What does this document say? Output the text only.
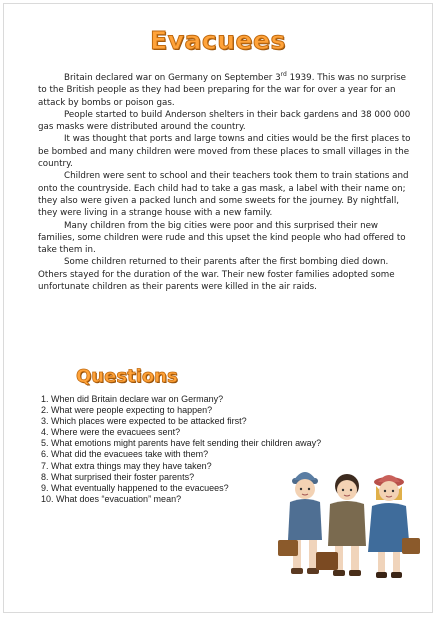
Evacuees

Britain declared war on Germany on September 3rd 1939. This was no surprise to the British people as they had been preparing for the war for over a year for an attack by bombs or poison gas.

People started to build Anderson shelters in their back gardens and 38 000 000 gas masks were distributed around the country.

It was thought that ports and large towns and cities would be the first places to be bombed and many children were moved from these places to small villages in the country.

Children were sent to school and their teachers took them to train stations and onto the countryside. Each child had to take a gas mask, a label with their name on; they also were given a packed lunch and some sweets for the journey. By nightfall, they were living in a strange house with a new family.

Many children from the big cities were poor and this surprised their new families, some children were rude and this upset the kind people who had offered to take them in.

Some children returned to their parents after the first bombing died down. Others stayed for the duration of the war. Their new foster families adopted some unfortunate children as their parents were killed in the air raids.

Questions
1. When did Britain declare war on Germany?
2. What were people expecting to happen?
3. Which places were expected to be attacked first?
4. Where were the evacuees sent?
5. What emotions might parents have felt sending their children away?
6. What did the evacuees take with them?
7. What extra things may they have taken?
8. What surprised their foster parents?
9. What eventually happened to the evacuees?
10. What does “evacuation” mean?
